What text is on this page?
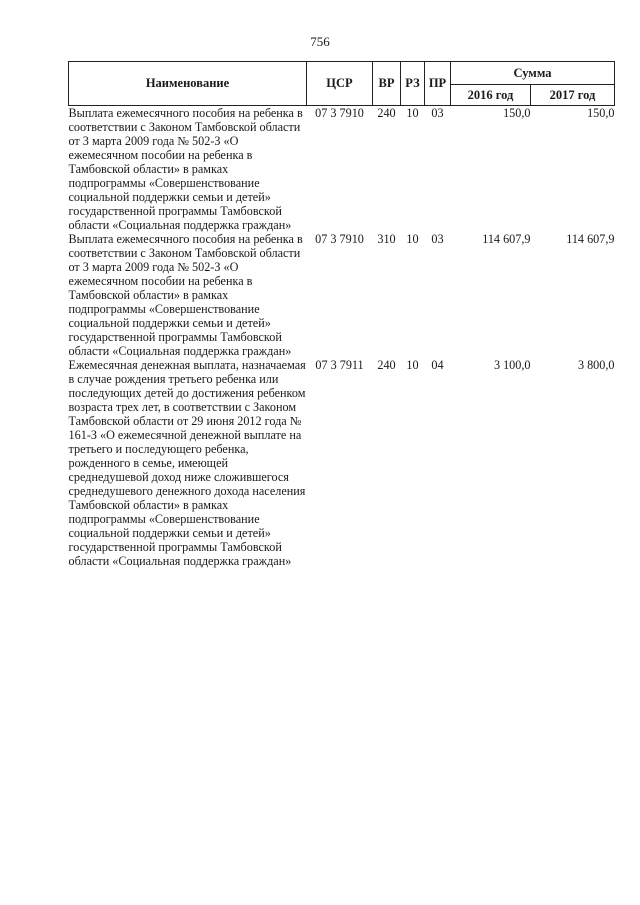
756
Наименование	ЦСР	ВР	РЗ	ПР	Сумма	
					2016 год	2017 год

Выплата ежемесячного пособия на ребенка в соответствии с Законом Тамбовской области от 3 марта 2009 года № 502-З «О ежемесячном пособии на ребенка в Тамбовской области» в рамках подпрограммы «Совершенствование социальной поддержки семьи и детей» государственной программы Тамбовской области «Социальная поддержка граждан»	07 3 7910	240	10	03	150,0	150,0

Выплата ежемесячного пособия на ребенка в соответствии с Законом Тамбовской области от 3 марта 2009 года № 502-З «О ежемесячном пособии на ребенка в Тамбовской области» в рамках подпрограммы «Совершенствование социальной поддержки семьи и детей» государственной программы Тамбовской области «Социальная поддержка граждан»	07 3 7910	310	10	03	114 607,9	114 607,9

Ежемесячная денежная выплата, назначаемая в случае рождения третьего ребенка или последующих детей до достижения ребенком возраста трех лет, в соответствии с Законом Тамбовской области от 29 июня 2012 года № 161-З «О ежемесячной денежной выплате на третьего и последующего ребенка, рожденного в семье, имеющей среднедушевой доход ниже сложившегося среднедушевого денежного дохода населения Тамбовской области» в рамках подпрограммы «Совершенствование социальной поддержки семьи и детей» государственной программы Тамбовской области «Социальная поддержка граждан»	07 3 7911	240	10	04	3 100,0	3 800,0
